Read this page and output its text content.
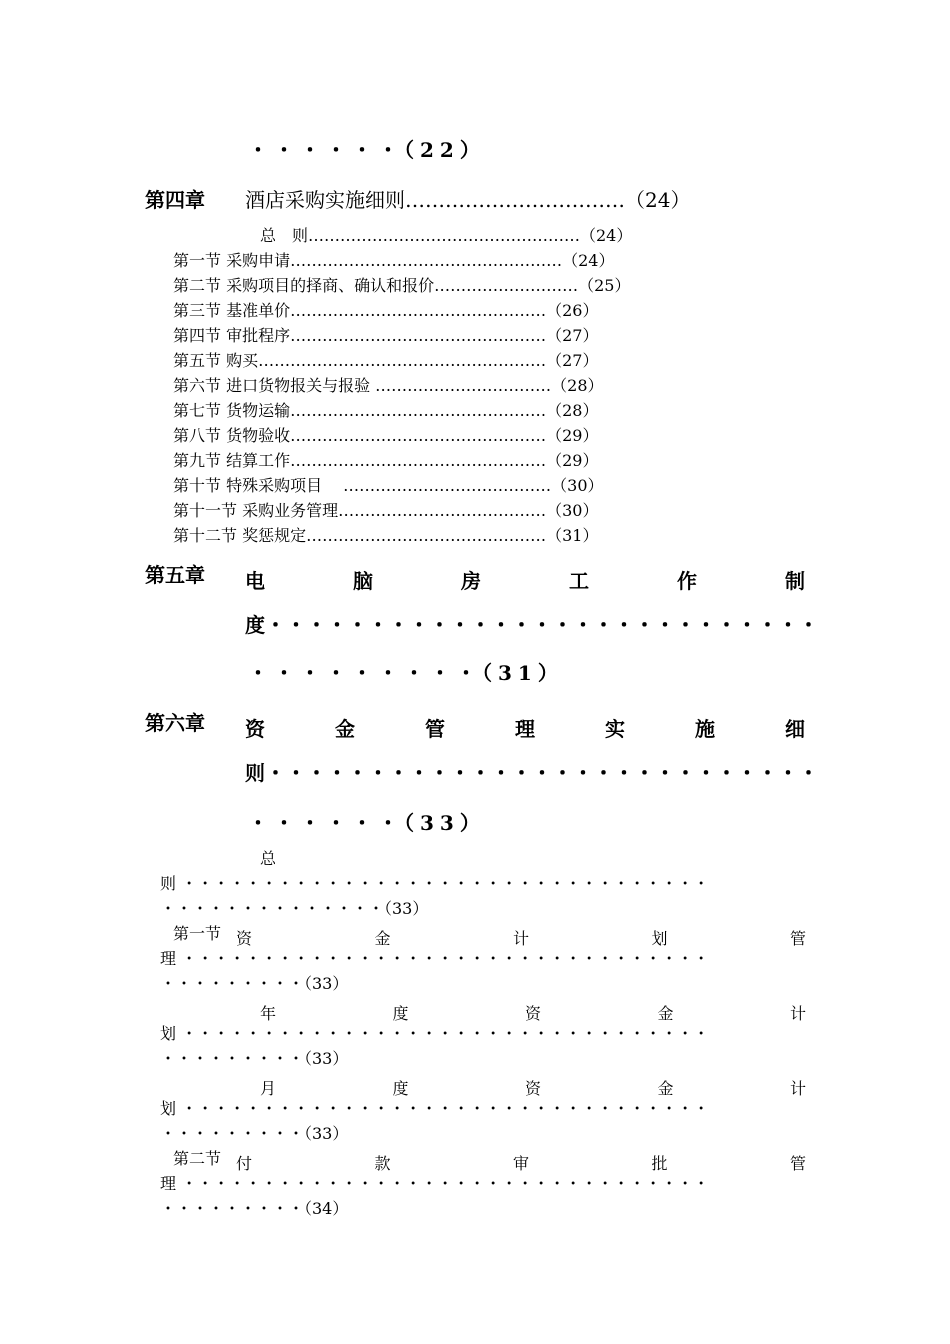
・・・・・・（22）
第四章 酒店采购实施细则……………………………（24）
总　则……………………………………………（24）
第一节 采购申请……………………………………………（24）
第二节 采购项目的择商、确认和报价………………………（25）
第三节 基准单价…………………………………………（26）
第四节 审批程序…………………………………………（27）
第五节 购买………………………………………………（27）
第六节 进口货物报关与报验 ……………………………（28）
第七节 货物运输…………………………………………（28）
第八节 货物验收…………………………………………（29）
第九节 结算工作…………………………………………（29）
第十节 特殊采购项目　 …………………………………（30）
第十一节 采购业务管理…………………………………（30）
第十二节 奖惩规定………………………………………（31）
第五章 电	脑	房	工	作	制
度・・・・・・・・・・・・・・・・・・・・・・・・・・・
・・・・・・・・・（31）
第六章 资	金	管	理	实	施	细
则・・・・・・・・・・・・・・・・・・・・・・・・・・・
・・・・・・（33）
总
则 ・・・・・・・・・・・・・・・・・・・・・・・・・・・・・・・・・
・・・・・・・・・・・・・・（33）
第一节 资	金	计	划	管
理 ・・・・・・・・・・・・・・・・・・・・・・・・・・・・・・・・・
・・・・・・・・・（33）
年	度	资	金	计
划 ・・・・・・・・・・・・・・・・・・・・・・・・・・・・・・・・・
・・・・・・・・・（33）
月	度	资	金	计
划 ・・・・・・・・・・・・・・・・・・・・・・・・・・・・・・・・・
・・・・・・・・・（33）
第二节 付	款	审	批	管
理 ・・・・・・・・・・・・・・・・・・・・・・・・・・・・・・・・・
・・・・・・・・・（34）
